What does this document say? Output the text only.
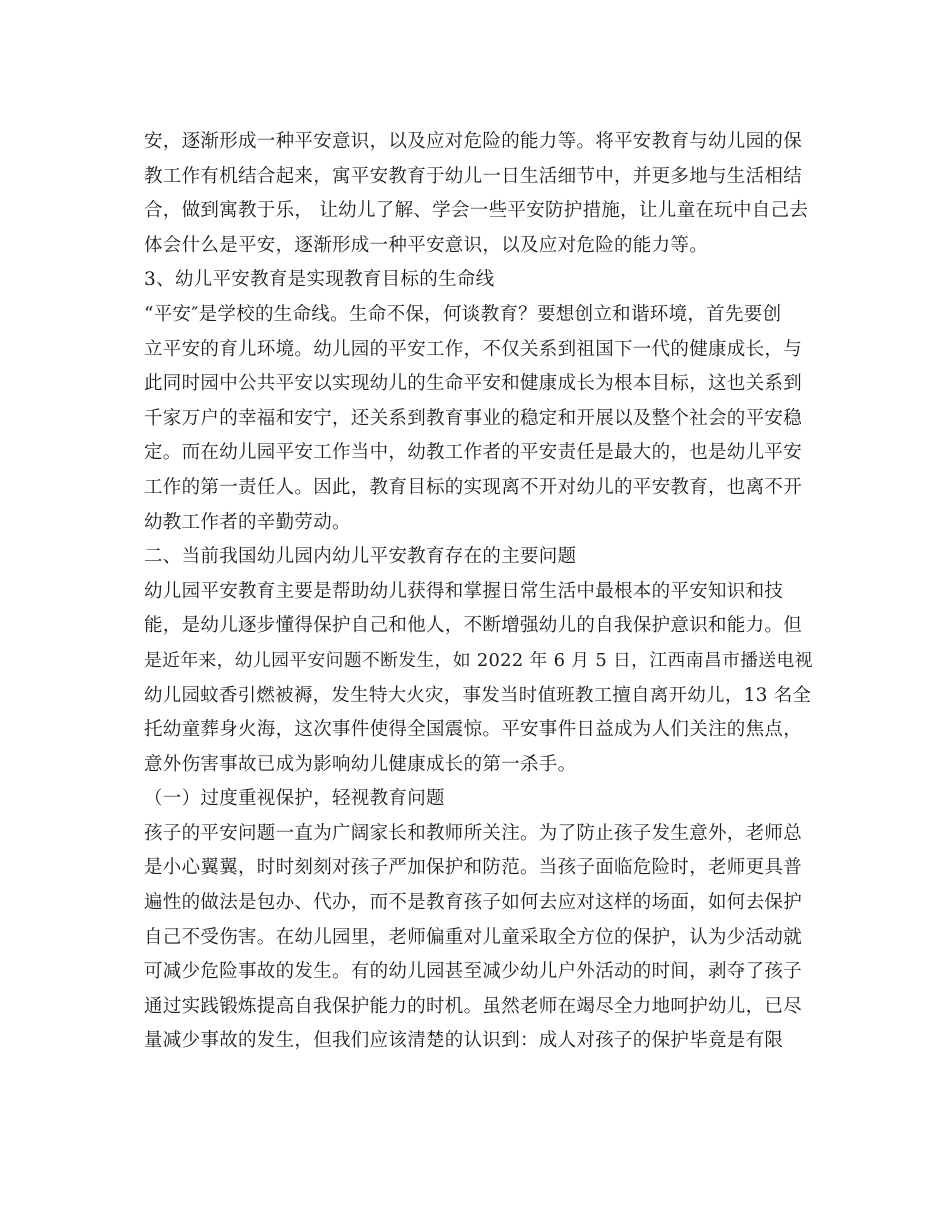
安，逐渐形成一种平安意识，以及应对危险的能力等。将平安教育与幼儿园的保
教工作有机结合起来，寓平安教育于幼儿一日生活细节中，并更多地与生活相结
合，做到寓教于乐， 让幼儿了解、学会一些平安防护措施，让儿童在玩中自己去
体会什么是平安，逐渐形成一种平安意识，以及应对危险的能力等。
3、幼儿平安教育是实现教育目标的生命线
“平安″是学校的生命线。生命不保，何谈教育？要想创立和谐环境，首先要创
立平安的育儿环境。幼儿园的平安工作，不仅关系到祖国下一代的健康成长，与
此同时园中公共平安以实现幼儿的生命平安和健康成长为根本目标，这也关系到
千家万户的幸福和安宁，还关系到教育事业的稳定和开展以及整个社会的平安稳
定。而在幼儿园平安工作当中，幼教工作者的平安责任是最大的，也是幼儿平安
工作的第一责任人。因此，教育目标的实现离不开对幼儿的平安教育，也离不开
幼教工作者的辛勤劳动。
二、当前我国幼儿园内幼儿平安教育存在的主要问题
幼儿园平安教育主要是帮助幼儿获得和掌握日常生活中最根本的平安知识和技
能，是幼儿逐步懂得保护自己和他人，不断增强幼儿的自我保护意识和能力。但
是近年来，幼儿园平安问题不断发生，如 2022 年 6 月 5 日，江西南昌市播送电视
幼儿园蚊香引燃被褥，发生特大火灾，事发当时值班教工擅自离开幼儿，13 名全
托幼童葬身火海，这次事件使得全国震惊。平安事件日益成为人们关注的焦点，
意外伤害事故已成为影响幼儿健康成长的第一杀手。
（一）过度重视保护，轻视教育问题
孩子的平安问题一直为广阔家长和教师所关注。为了防止孩子发生意外，老师总
是小心翼翼，时时刻刻对孩子严加保护和防范。当孩子面临危险时，老师更具普
遍性的做法是包办、代办，而不是教育孩子如何去应对这样的场面，如何去保护
自己不受伤害。在幼儿园里，老师偏重对儿童采取全方位的保护，认为少活动就
可减少危险事故的发生。有的幼儿园甚至减少幼儿户外活动的时间，剥夺了孩子
通过实践锻炼提高自我保护能力的时机。虽然老师在竭尽全力地呵护幼儿，已尽
量减少事故的发生，但我们应该清楚的认识到：成人对孩子的保护毕竟是有限
